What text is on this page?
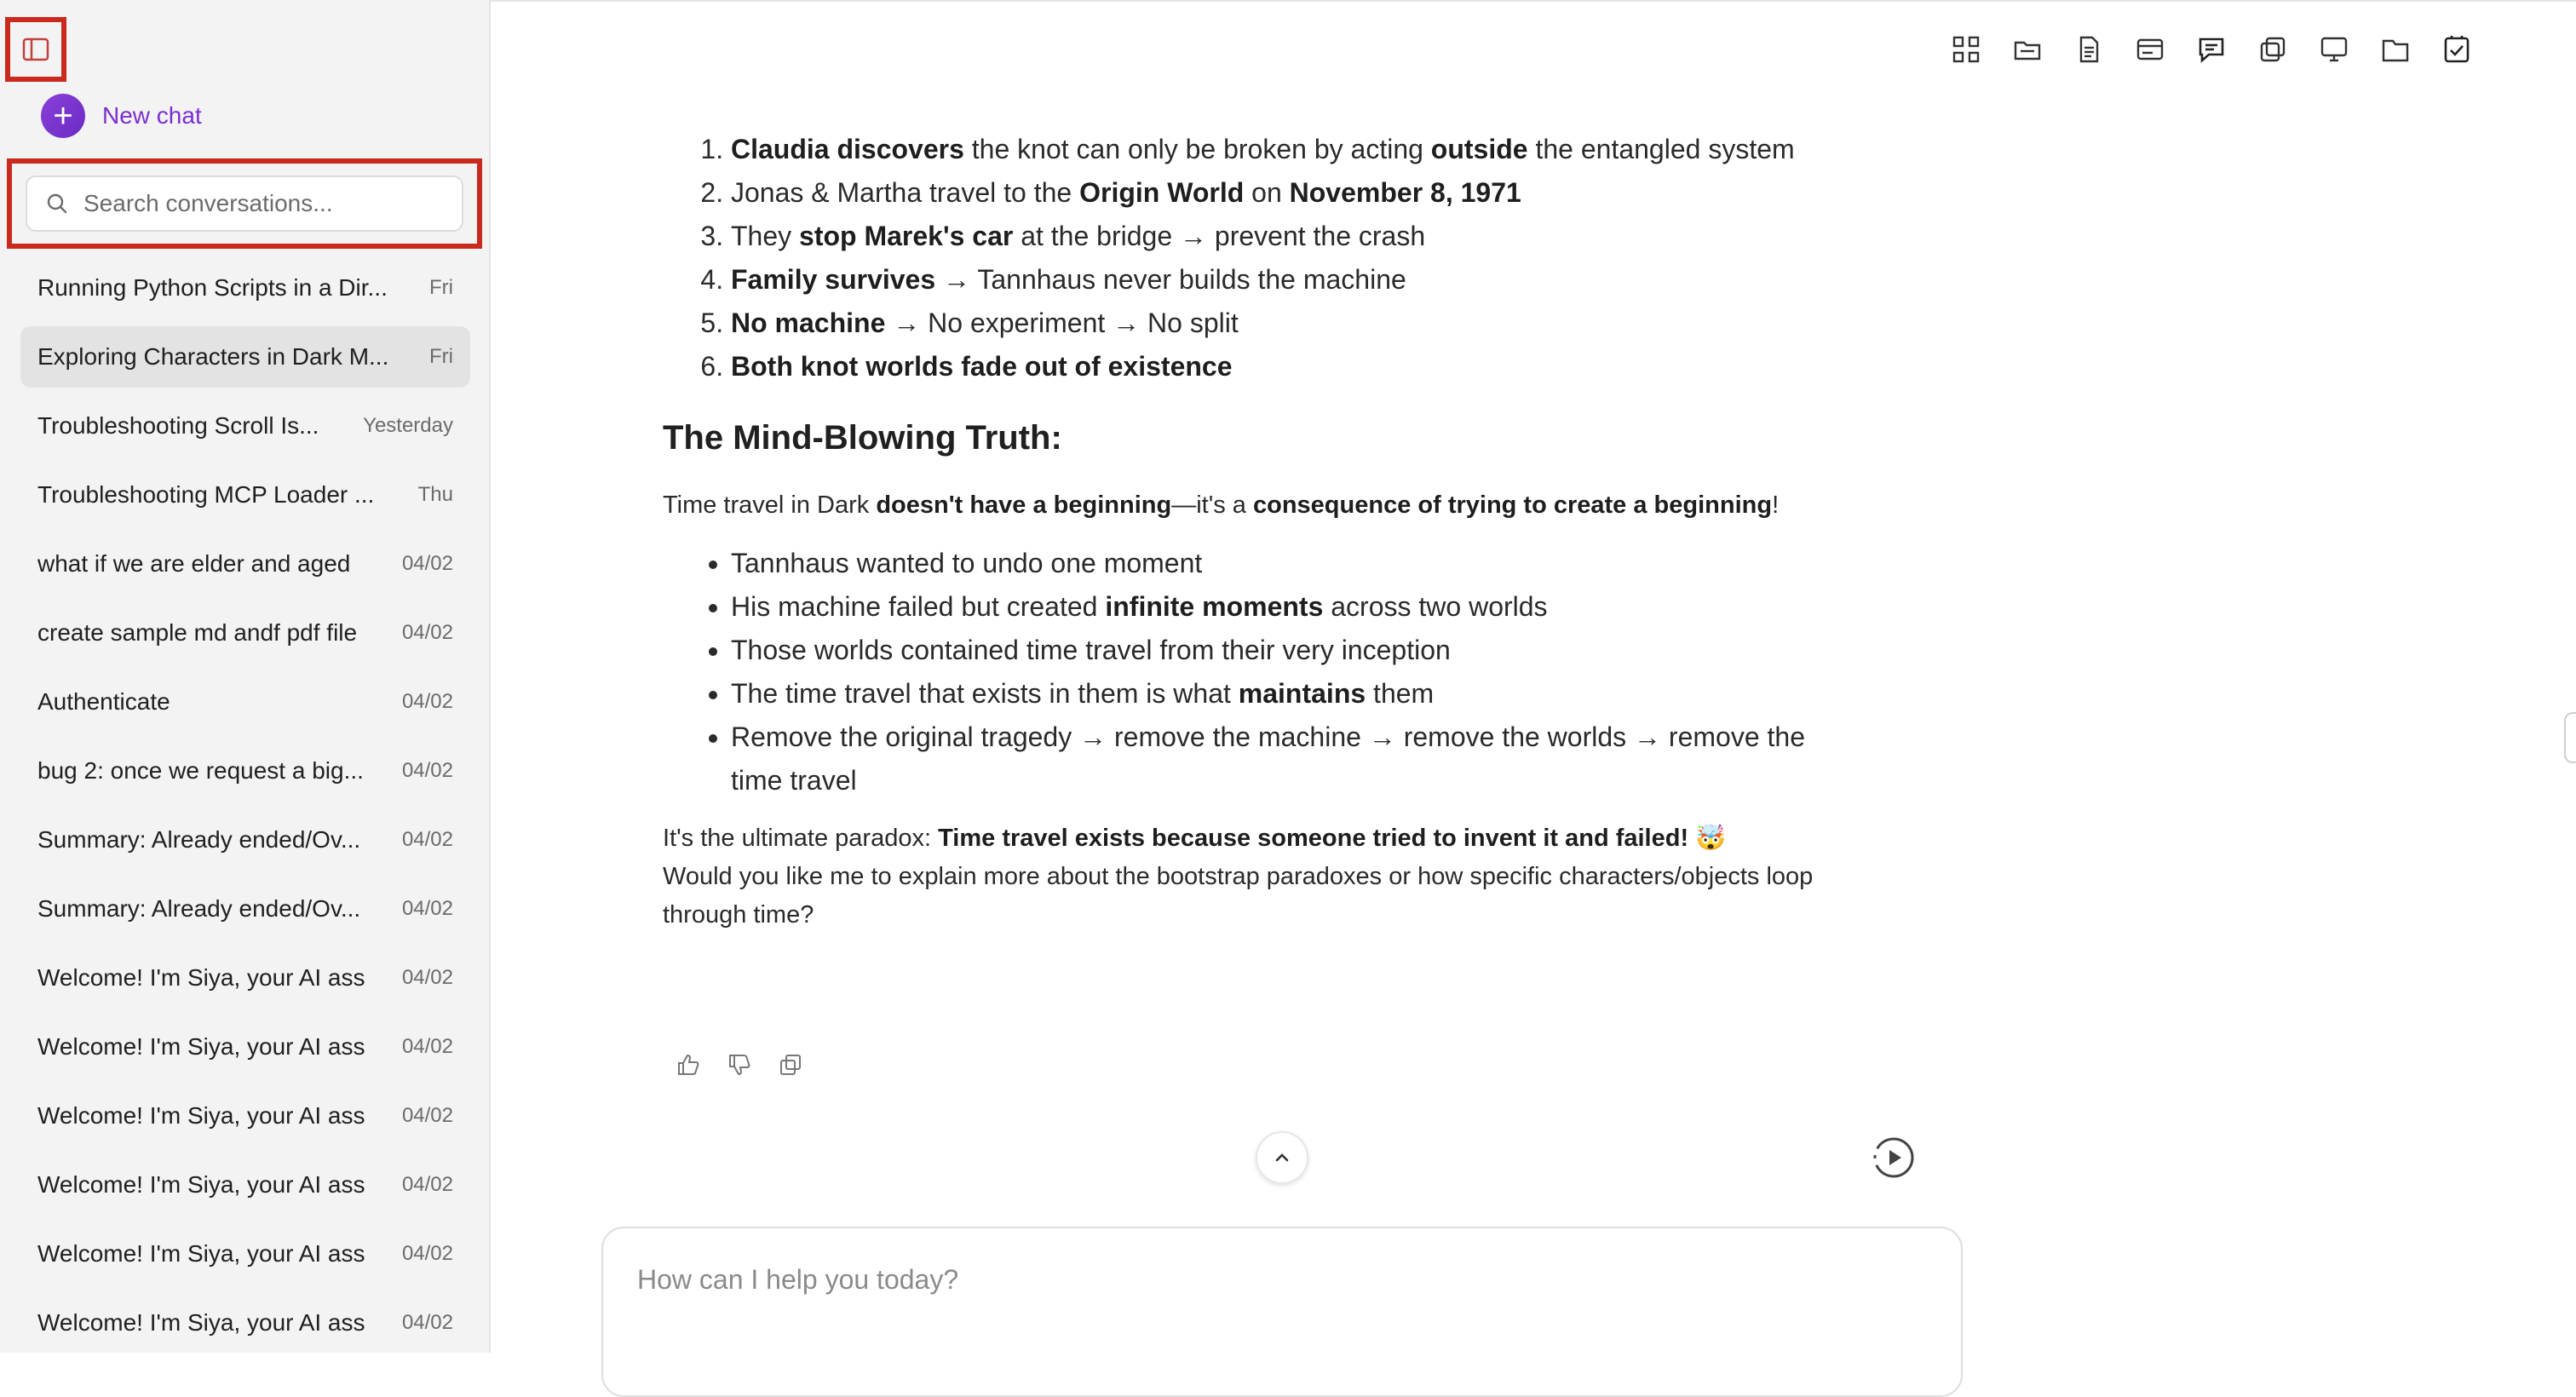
+	New chat
Search conversations...
Running Python Scripts in a Dir...	Fri
Exploring Characters in Dark M...	Fri
Troubleshooting Scroll Is...	Yesterday
Troubleshooting MCP Loader ...	Thu
what if we are elder and aged	04/02
create sample md andf pdf file	04/02
Authenticate	04/02
bug 2: once we request a big...	04/02
Summary: Already ended/Ov...	04/02
Summary: Already ended/Ov...	04/02
Welcome! I'm Siya, your AI ass	04/02
Welcome! I'm Siya, your AI ass	04/02
Welcome! I'm Siya, your AI ass	04/02
Welcome! I'm Siya, your AI ass	04/02
Welcome! I'm Siya, your AI ass	04/02
Welcome! I'm Siya, your AI ass	04/02
1. Claudia discovers the knot can only be broken by acting outside the entangled system
2. Jonas & Martha travel to the Origin World on November 8, 1971
3. They stop Marek's car at the bridge → prevent the crash
4. Family survives → Tannhaus never builds the machine
5. No machine → No experiment → No split
6. Both knot worlds fade out of existence
The Mind-Blowing Truth:

Time travel in Dark doesn't have a beginning—it's a consequence of trying to create a beginning!

• Tannhaus wanted to undo one moment
• His machine failed but created infinite moments across two worlds
• Those worlds contained time travel from their very inception
• The time travel that exists in them is what maintains them
• Remove the original tragedy → remove the machine → remove the worlds → remove the time travel

It's the ultimate paradox: Time travel exists because someone tried to invent it and failed! 🤯
Would you like me to explain more about the bootstrap paradoxes or how specific characters/objects loop through time?

How can I help you today?
